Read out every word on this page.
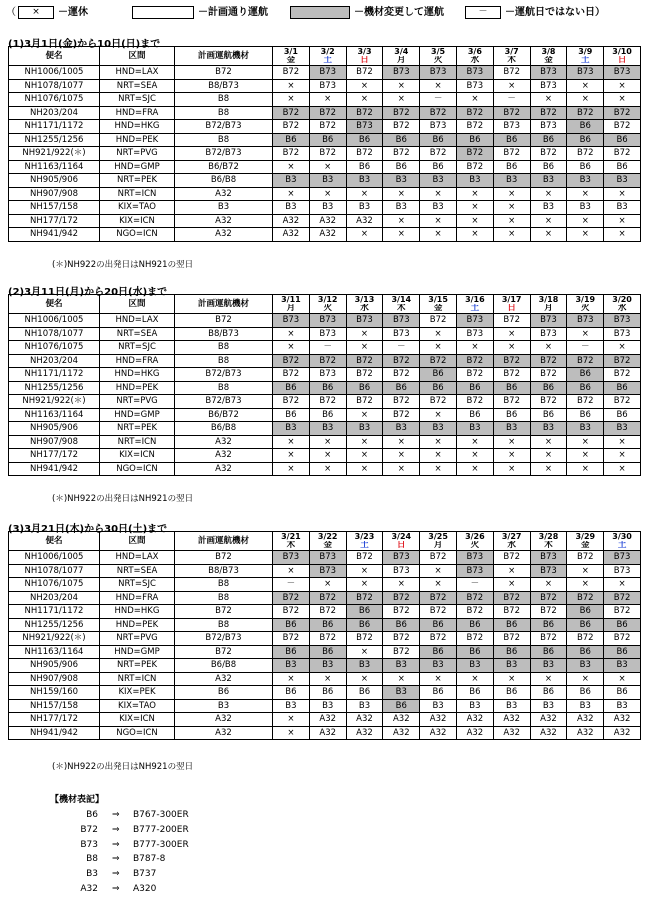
（ × －運休	－計画通り運航	－機材変更して運航	－ －運航日ではない日）
(1)3月1日(金)から10日(日)まで
便名	区間	計画運航機材	3/1	3/2	3/3	3/4	3/5	3/6	3/7	3/8	3/9	3/10
			金	土	日	月	火	水	木	金	土	日
NH1006/1005	HND=LAX	B72	B72	B73	B72	B73	B73	B73	B72	B73	B73	B73
NH1078/1077	NRT=SEA	B8/B73	×	B73	×	×	×	B73	×	B73	×	×
NH1076/1075	NRT=SJC	B8	×	×	×	×	－	×	－	×	×	×
NH203/204	HND=FRA	B8	B72	B72	B72	B72	B72	B72	B72	B72	B72	B72
NH1171/1172	HND=HKG	B72/B73	B72	B72	B73	B72	B73	B72	B73	B73	B6	B72
NH1255/1256	HND=PEK	B8	B6	B6	B6	B6	B6	B6	B6	B6	B6	B6
NH921/922(＊)	NRT=PVG	B72/B73	B72	B72	B72	B72	B72	B72	B72	B72	B72	B72
NH1163/1164	HND=GMP	B6/B72	×	×	B6	B6	B6	B72	B6	B6	B6	B6
NH905/906	NRT=PEK	B6/B8	B3	B3	B3	B3	B3	B3	B3	B3	B3	B3
NH907/908	NRT=ICN	A32	×	×	×	×	×	×	×	×	×	×
NH157/158	KIX=TAO	B3	B3	B3	B3	B3	B3	×	×	B3	B3	B3
NH177/172	KIX=ICN	A32	A32	A32	A32	×	×	×	×	×	×	×
NH941/942	NGO=ICN	A32	A32	A32	×	×	×	×	×	×	×	×
(＊)NH922の出発日はNH921の翌日
(2)3月11日(月)から20日(水)まで
便名	区間	計画運航機材	3/11	3/12	3/13	3/14	3/15	3/16	3/17	3/18	3/19	3/20
			月	火	水	木	金	土	日	月	火	水
NH1006/1005	HND=LAX	B72	B73	B73	B73	B73	B72	B73	B72	B73	B73	B73
NH1078/1077	NRT=SEA	B8/B73	×	B73	×	B73	×	B73	×	B73	×	B73
NH1076/1075	NRT=SJC	B8	×	－	×	－	×	×	×	×	－	×
NH203/204	HND=FRA	B8	B72	B72	B72	B72	B72	B72	B72	B72	B72	B72
NH1171/1172	HND=HKG	B72/B73	B72	B73	B72	B72	B6	B72	B72	B72	B6	B72
NH1255/1256	HND=PEK	B8	B6	B6	B6	B6	B6	B6	B6	B6	B6	B6
NH921/922(＊)	NRT=PVG	B72/B73	B72	B72	B72	B72	B72	B72	B72	B72	B72	B72
NH1163/1164	HND=GMP	B6/B72	B6	B6	×	B72	×	B6	B6	B6	B6	B6
NH905/906	NRT=PEK	B6/B8	B3	B3	B3	B3	B3	B3	B3	B3	B3	B3
NH907/908	NRT=ICN	A32	×	×	×	×	×	×	×	×	×	×
NH177/172	KIX=ICN	A32	×	×	×	×	×	×	×	×	×	×
NH941/942	NGO=ICN	A32	×	×	×	×	×	×	×	×	×	×
(＊)NH922の出発日はNH921の翌日
(3)3月21日(木)から30日(土)まで
便名	区間	計画運航機材	3/21	3/22	3/23	3/24	3/25	3/26	3/27	3/28	3/29	3/30
			木	金	土	日	月	火	水	木	金	土
NH1006/1005	HND=LAX	B72	B73	B73	B72	B73	B72	B73	B72	B73	B72	B73
NH1078/1077	NRT=SEA	B8/B73	×	B73	×	B73	×	B73	×	B73	×	B73
NH1076/1075	NRT=SJC	B8	－	×	×	×	×	－	×	×	×	×
NH203/204	HND=FRA	B8	B72	B72	B72	B72	B72	B72	B72	B72	B72	B72
NH1171/1172	HND=HKG	B72	B72	B72	B6	B72	B72	B72	B72	B72	B6	B72
NH1255/1256	HND=PEK	B8	B6	B6	B6	B6	B6	B6	B6	B6	B6	B6
NH921/922(＊)	NRT=PVG	B72/B73	B72	B72	B72	B72	B72	B72	B72	B72	B72	B72
NH1163/1164	HND=GMP	B72	B6	B6	×	B72	B6	B6	B6	B6	B6	B6
NH905/906	NRT=PEK	B6/B8	B3	B3	B3	B3	B3	B3	B3	B3	B3	B3
NH907/908	NRT=ICN	A32	×	×	×	×	×	×	×	×	×	×
NH159/160	KIX=PEK	B6	B6	B6	B6	B3	B6	B6	B6	B6	B6	B6
NH157/158	KIX=TAO	B3	B3	B3	B3	B6	B3	B3	B3	B3	B3	B3
NH177/172	KIX=ICN	A32	×	A32	A32	A32	A32	A32	A32	A32	A32	A32
NH941/942	NGO=ICN	A32	×	A32	A32	A32	A32	A32	A32	A32	A32	A32
(＊)NH922の出発日はNH921の翌日
【機材表記】
B6 ⇒ B767-300ER
B72 ⇒ B777-200ER
B73 ⇒ B777-300ER
B8 ⇒ B787-8
B3 ⇒ B737
A32 ⇒ A320
